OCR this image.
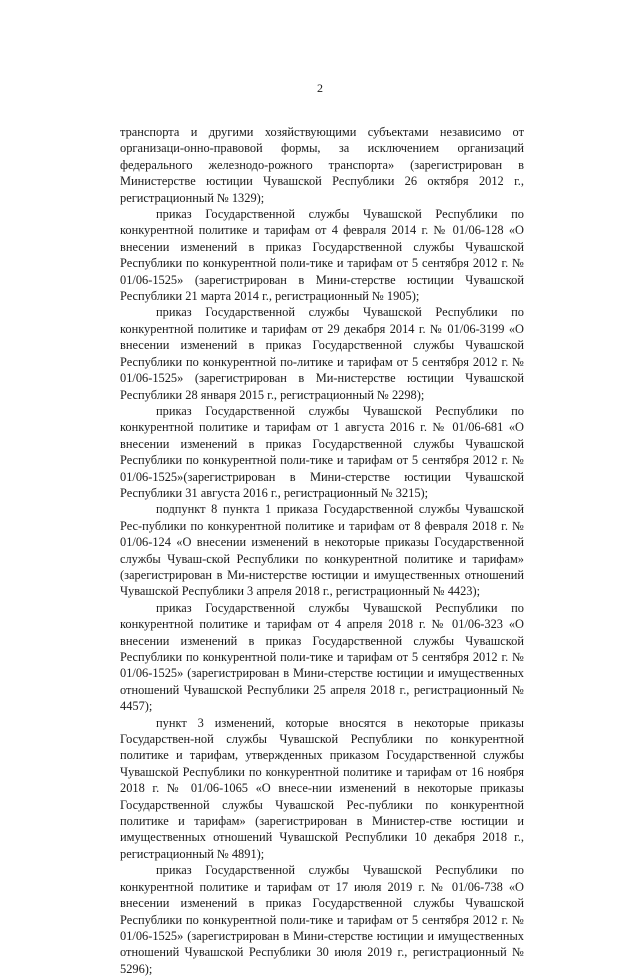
2

транспорта и другими хозяйствующими субъектами независимо от организаци-онно-правовой формы, за исключением организаций федерального железнодо-рожного транспорта» (зарегистрирован в Министерстве юстиции Чувашской Республики 26 октября 2012 г., регистрационный № 1329);

приказ Государственной службы Чувашской Республики по конкурентной политике и тарифам от 4 февраля 2014 г. № 01/06-128 «О внесении изменений в приказ Государственной службы Чувашской Республики по конкурентной поли-тике и тарифам от 5 сентября 2012 г. № 01/06-1525» (зарегистрирован в Мини-стерстве юстиции Чувашской Республики 21 марта 2014 г., регистрационный № 1905);

приказ Государственной службы Чувашской Республики по конкурентной политике и тарифам от 29 декабря 2014 г. № 01/06-3199 «О внесении изменений в приказ Государственной службы Чувашской Республики по конкурентной по-литике и тарифам от 5 сентября 2012 г. № 01/06-1525» (зарегистрирован в Ми-нистерстве юстиции Чувашской Республики 28 января 2015 г., регистрационный № 2298);

приказ Государственной службы Чувашской Республики по конкурентной политике и тарифам от 1 августа 2016 г. № 01/06-681 «О внесении изменений в приказ Государственной службы Чувашской Республики по конкурентной поли-тике и тарифам от 5 сентября 2012 г. № 01/06-1525»(зарегистрирован в Мини-стерстве юстиции Чувашской Республики 31 августа 2016 г., регистрационный № 3215);

подпункт 8 пункта 1 приказа Государственной службы Чувашской Рес-публики по конкурентной политике и тарифам от 8 февраля 2018 г. № 01/06-124 «О внесении изменений в некоторые приказы Государственной службы Чуваш-ской Республики по конкурентной политике и тарифам» (зарегистрирован в Ми-нистерстве юстиции и имущественных отношений Чувашской Республики 3 апреля 2018 г., регистрационный № 4423);

приказ Государственной службы Чувашской Республики по конкурентной политике и тарифам от 4 апреля 2018 г. № 01/06-323 «О внесении изменений в приказ Государственной службы Чувашской Республики по конкурентной поли-тике и тарифам от 5 сентября 2012 г. № 01/06-1525» (зарегистрирован в Мини-стерстве юстиции и имущественных отношений Чувашской Республики 25 апреля 2018 г., регистрационный № 4457);

пункт 3 изменений, которые вносятся в некоторые приказы Государствен-ной службы Чувашской Республики по конкурентной политике и тарифам, утвержденных приказом Государственной службы Чувашской Республики по конкурентной политике и тарифам от 16 ноября 2018 г. № 01/06-1065 «О внесе-нии изменений в некоторые приказы Государственной службы Чувашской Рес-публики по конкурентной политике и тарифам» (зарегистрирован в Министер-стве юстиции и имущественных отношений Чувашской Республики 10 декабря 2018 г., регистрационный № 4891);

приказ Государственной службы Чувашской Республики по конкурентной политике и тарифам от 17 июля 2019 г. № 01/06-738 «О внесении изменений в приказ Государственной службы Чувашской Республики по конкурентной поли-тике и тарифам от 5 сентября 2012 г. № 01/06-1525» (зарегистрирован в Мини-стерстве юстиции и имущественных отношений Чувашской Республики 30 июля 2019 г., регистрационный № 5296);
